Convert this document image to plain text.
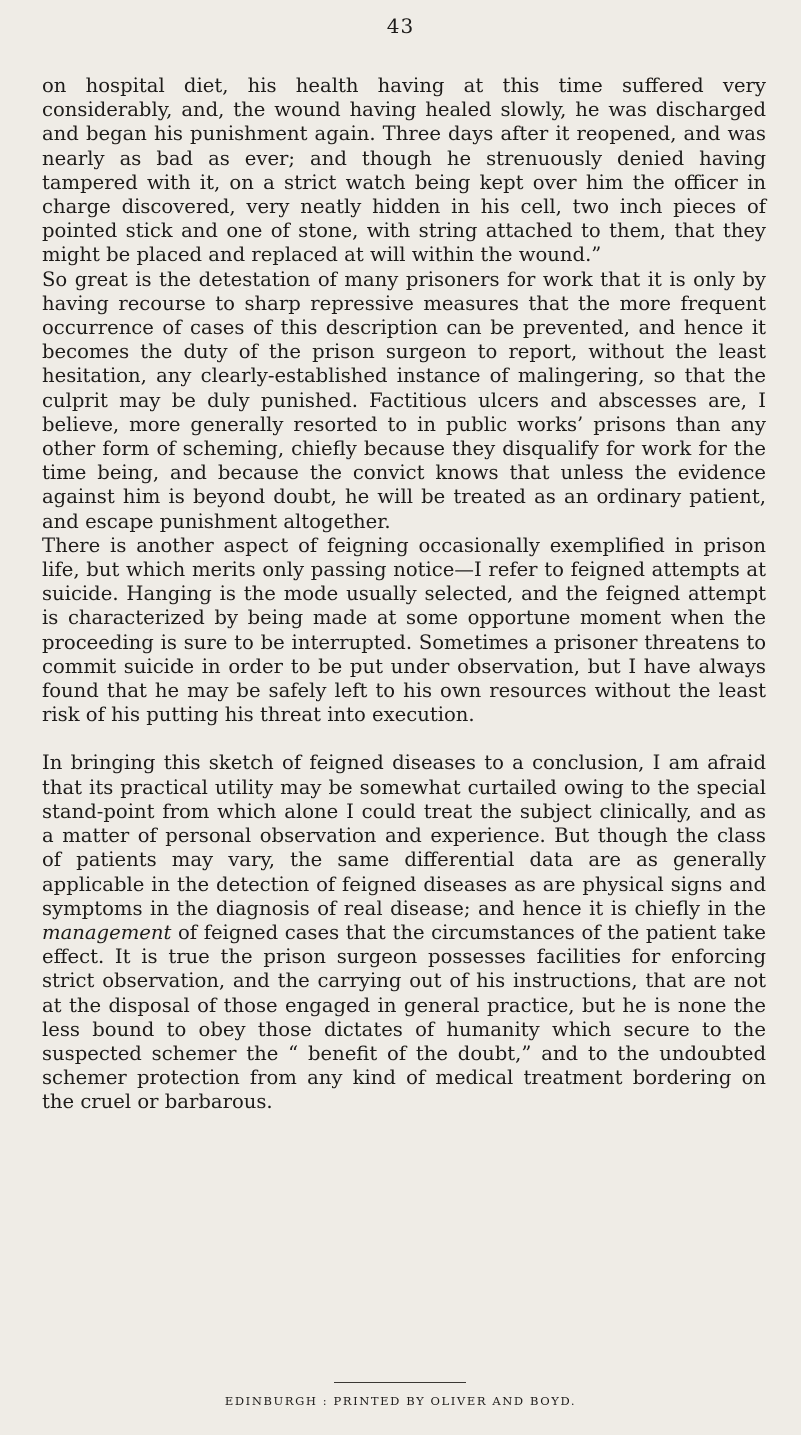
43

on hospital diet, his health having at this time suffered very considerably, and, the wound having healed slowly, he was discharged and began his punishment again. Three days after it reopened, and was nearly as bad as ever; and though he strenuously denied having tampered with it, on a strict watch being kept over him the officer in charge discovered, very neatly hidden in his cell, two inch pieces of pointed stick and one of stone, with string attached to them, that they might be placed and replaced at will within the wound.”

So great is the detestation of many prisoners for work that it is only by having recourse to sharp repressive measures that the more frequent occurrence of cases of this description can be prevented, and hence it becomes the duty of the prison surgeon to report, without the least hesitation, any clearly-established instance of malingering, so that the culprit may be duly punished. Factitious ulcers and abscesses are, I believe, more generally resorted to in public works’ prisons than any other form of scheming, chiefly because they disqualify for work for the time being, and because the convict knows that unless the evidence against him is beyond doubt, he will be treated as an ordinary patient, and escape punishment altogether.

There is another aspect of feigning occasionally exemplified in prison life, but which merits only passing notice—I refer to feigned attempts at suicide. Hanging is the mode usually selected, and the feigned attempt is characterized by being made at some opportune moment when the proceeding is sure to be interrupted. Sometimes a prisoner threatens to commit suicide in order to be put under observation, but I have always found that he may be safely left to his own resources without the least risk of his putting his threat into execution.

In bringing this sketch of feigned diseases to a conclusion, I am afraid that its practical utility may be somewhat curtailed owing to the special stand-point from which alone I could treat the subject clinically, and as a matter of personal observation and experience. But though the class of patients may vary, the same differential data are as generally applicable in the detection of feigned diseases as are physical signs and symptoms in the diagnosis of real disease; and hence it is chiefly in the management of feigned cases that the circumstances of the patient take effect. It is true the prison surgeon possesses facilities for enforcing strict observation, and the carrying out of his instructions, that are not at the disposal of those engaged in general practice, but he is none the less bound to obey those dictates of humanity which secure to the suspected schemer the “ benefit of the doubt,” and to the undoubted schemer protection from any kind of medical treatment bordering on the cruel or barbarous.

EDINBURGH : PRINTED BY OLIVER AND BOYD.
